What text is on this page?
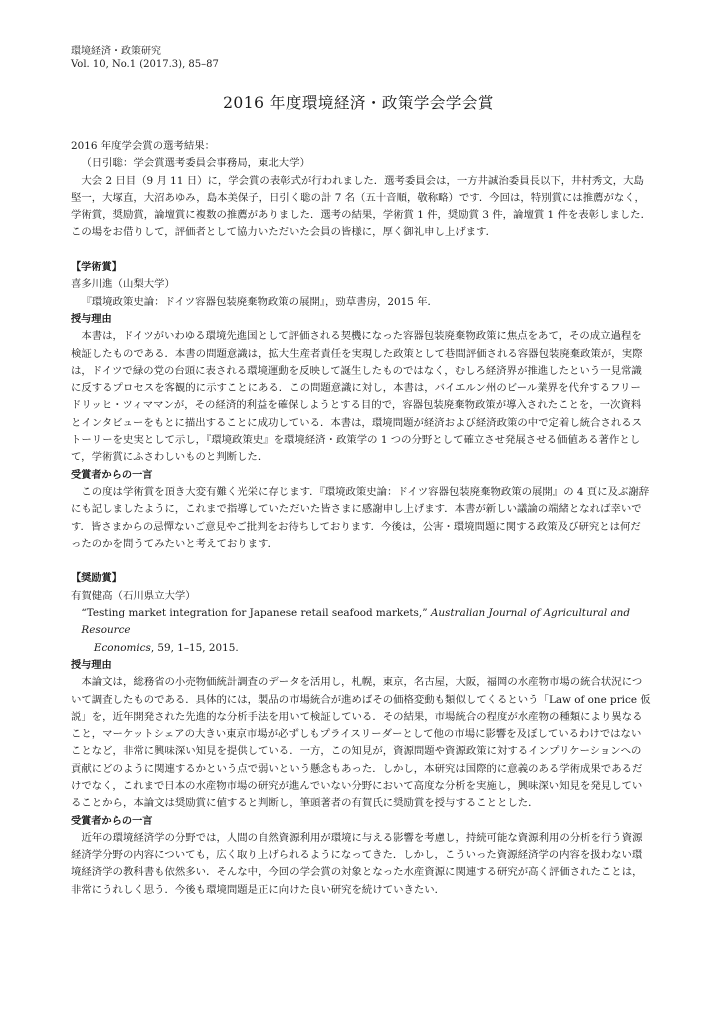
環境経済・政策研究
Vol. 10, No.1 (2017.3), 85–87
2016 年度環境経済・政策学会学会賞

2016 年度学会賞の選考結果：

（日引聡：学会賞選考委員会事務局，東北大学）

大会 2 日目（9 月 11 日）に，学会賞の表彰式が行われました．選考委員会は，一方井誠治委員長以下，井村秀文，大島堅一，大塚直，大沼あゆみ，島本美保子，日引く聡の計 7 名（五十音順，敬称略）です．今回は，特別賞には推薦がなく，学術賞，奨励賞，論壇賞に複数の推薦がありました．選考の結果，学術賞 1 件，奨励賞 3 件，論壇賞 1 件を表彰しました．この場をお借りして，評価者として協力いただいた会員の皆様に，厚く御礼申し上げます．

【学術賞】

喜多川進（山梨大学）

『環境政策史論：ドイツ容器包装廃棄物政策の展開』，勁草書房，2015 年．

授与理由

本書は，ドイツがいわゆる環境先進国として評価される契機になった容器包装廃棄物政策に焦点をあて，その成立過程を検証したものである．本書の問題意識は，拡大生産者責任を実現した政策として巷間評価される容器包装廃棄政策が，実際は，ドイツで緑の党の台頭に表される環境運動を反映して誕生したものではなく，むしろ経済界が推進したという一見常識に反するプロセスを客観的に示すことにある．この問題意識に対し，本書は，バイエルン州のビール業界を代弁するフリードリッヒ・ツィママンが，その経済的利益を確保しようとする目的で，容器包装廃棄物政策が導入されたことを，一次資料とインタビューをもとに描出することに成功している．本書は，環境問題が経済および経済政策の中で定着し統合されるストーリーを史実として示し，『環境政策史』を環境経済・政策学の 1 つの分野として確立させ発展させる価値ある著作として，学術賞にふさわしいものと判断した．

受賞者からの一言

この度は学術賞を頂き大変有難く光栄に存じます．『環境政策史論：ドイツ容器包装廃棄物政策の展開』の 4 頁に及ぶ謝辞にも記しましたように，これまで指導していただいた皆さまに感謝申し上げます．本書が新しい議論の端緒となれば幸いです．皆さまからの忌憚ないご意見やご批判をお待ちしております．今後は，公害・環境問題に関する政策及び研究とは何だったのかを問うてみたいと考えております．

【奨励賞】

有賀健高（石川県立大学）

“Testing market integration for Japanese retail seafood markets,” Australian Journal of Agricultural and Resource

Economics, 59, 1–15, 2015.

授与理由

本論文は，総務省の小売物価統計調査のデータを活用し，札幌，東京，名古屋，大阪，福岡の水産物市場の統合状況について調査したものである．具体的には，製品の市場統合が進めばその価格変動も類似してくるという「Law of one price 仮説」を，近年開発された先進的な分析手法を用いて検証している．その結果，市場統合の程度が水産物の種類により異なること，マーケットシェアの大きい東京市場が必ずしもプライスリーダーとして他の市場に影響を及ぼしているわけではないことなど，非常に興味深い知見を提供している．一方，この知見が，資源問題や資源政策に対するインプリケーションへの貢献にどのように関連するかという点で弱いという懸念もあった．しかし，本研究は国際的に意義のある学術成果であるだけでなく，これまで日本の水産物市場の研究が進んでいない分野において高度な分析を実施し，興味深い知見を発見していることから，本論文は奨励賞に値すると判断し，筆頭著者の有賀氏に奨励賞を授与することとした．

受賞者からの一言

近年の環境経済学の分野では，人間の自然資源利用が環境に与える影響を考慮し，持続可能な資源利用の分析を行う資源経済学分野の内容についても，広く取り上げられるようになってきた．しかし，こういった資源経済学の内容を扱わない環境経済学の教科書も依然多い．そんな中，今回の学会賞の対象となった水産資源に関連する研究が高く評価されたことは，非常にうれしく思う．今後も環境問題是正に向けた良い研究を続けていきたい．
